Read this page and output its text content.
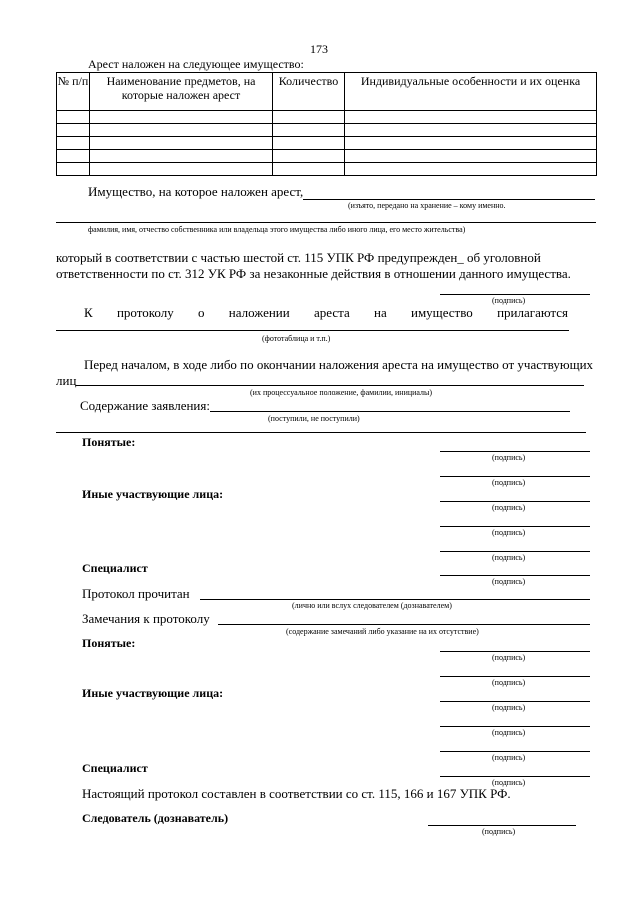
173
Арест наложен на следующее имущество:
№ п/п	Наименование предметов, на которые наложен арест	Количество	Индивидуальные особенности и их оценка

Имущество, на которое наложен арест,
(изъято, передано на хранение – кому именно.
фамилия, имя, отчество собственника или владельца этого имущества либо иного лица, его место жительства)
который в соответствии с частью шестой ст. 115 УПК РФ предупрежден_ об уголовной
ответственности по ст. 312 УК РФ за незаконные действия в отношении данного имущества.
(подпись)
К протоколу о наложении ареста на имущество прилагаются
(фототаблица и т.п.)
Перед началом, в ходе либо по окончании наложения ареста на имущество от участвующих
лиц
(их процессуальное положение, фамилии, инициалы)
Содержание заявления:
(поступили, не поступили)
Понятые:
(подпись)
(подпись)
Иные участвующие лица:
(подпись)
(подпись)
(подпись)
Специалист
(подпись)
Протокол прочитан
(лично или вслух следователем (дознавателем)
Замечания к протоколу
(содержание замечаний либо указание на их отсутствие)
Понятые:
(подпись)
(подпись)
Иные участвующие лица:
(подпись)
(подпись)
(подпись)
Специалист
(подпись)
Настоящий протокол составлен в соответствии со ст. 115, 166 и 167 УПК РФ.
Следователь (дознаватель)
(подпись)
